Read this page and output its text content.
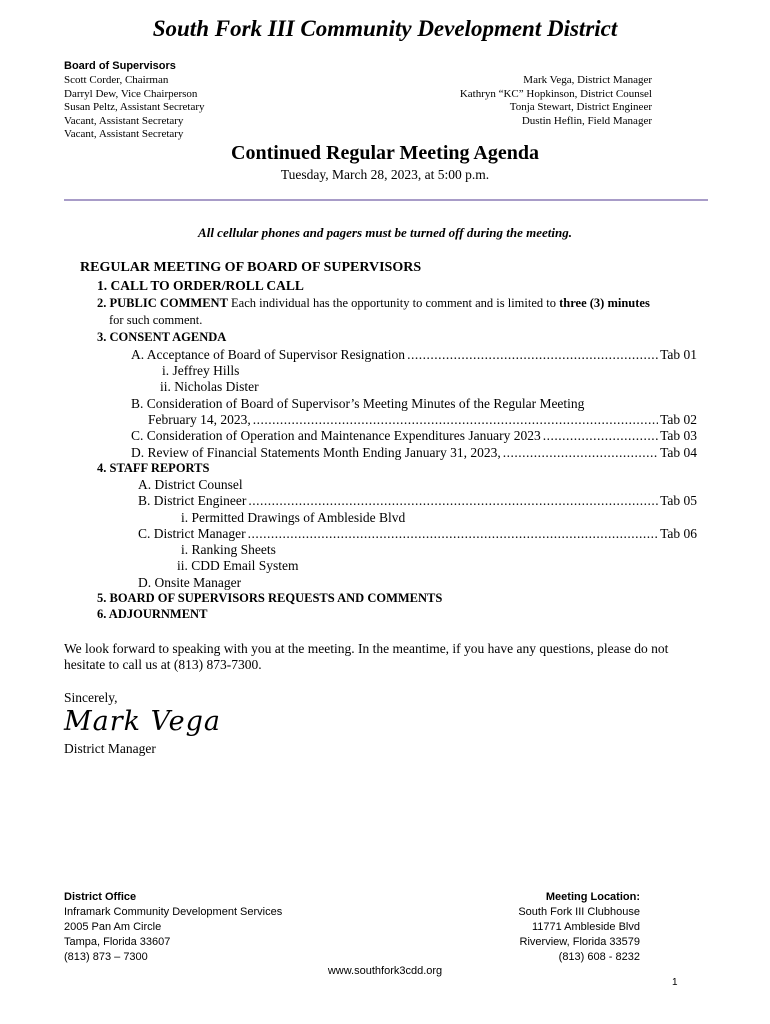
South Fork III Community Development District
Board of Supervisors
Scott Corder, Chairman
Darryl Dew, Vice Chairperson
Susan Peltz, Assistant Secretary
Vacant, Assistant Secretary
Vacant, Assistant Secretary
Mark Vega, District Manager
Kathryn “KC” Hopkinson, District Counsel
Tonja Stewart, District Engineer
Dustin Heflin, Field Manager
Continued Regular Meeting Agenda
Tuesday, March 28, 2023, at 5:00 p.m.
All cellular phones and pagers must be turned off during the meeting.
REGULAR MEETING OF BOARD OF SUPERVISORS
1. CALL TO ORDER/ROLL CALL
2. PUBLIC COMMENT Each individual has the opportunity to comment and is limited to three (3) minutes
for such comment.
3. CONSENT AGENDA
A. Acceptance of Board of Supervisor Resignation .....	Tab 01
i. Jeffrey Hills
ii. Nicholas Dister
B. Consideration of Board of Supervisor’s Meeting Minutes of the Regular Meeting
February 14, 2023, .....	Tab 02
C. Consideration of Operation and Maintenance Expenditures January 2023 .....	Tab 03
D. Review of Financial Statements Month Ending January 31, 2023, .....	Tab 04
4. STAFF REPORTS
A. District Counsel
B. District Engineer .....	Tab 05
i. Permitted Drawings of Ambleside Blvd
C. District Manager .....	Tab 06
i. Ranking Sheets
ii. CDD Email System
D. Onsite Manager
5. BOARD OF SUPERVISORS REQUESTS AND COMMENTS
6. ADJOURNMENT
We look forward to speaking with you at the meeting. In the meantime, if you have any questions, please do not
hesitate to call us at (813) 873-7300.
Sincerely,
Mark Vega
District Manager
District Office
Inframark Community Development Services
2005 Pan Am Circle
Tampa, Florida 33607
(813) 873 – 7300
Meeting Location:
South Fork III Clubhouse
11771 Ambleside Blvd
Riverview, Florida 33579
(813) 608 - 8232
www.southfork3cdd.org
1
